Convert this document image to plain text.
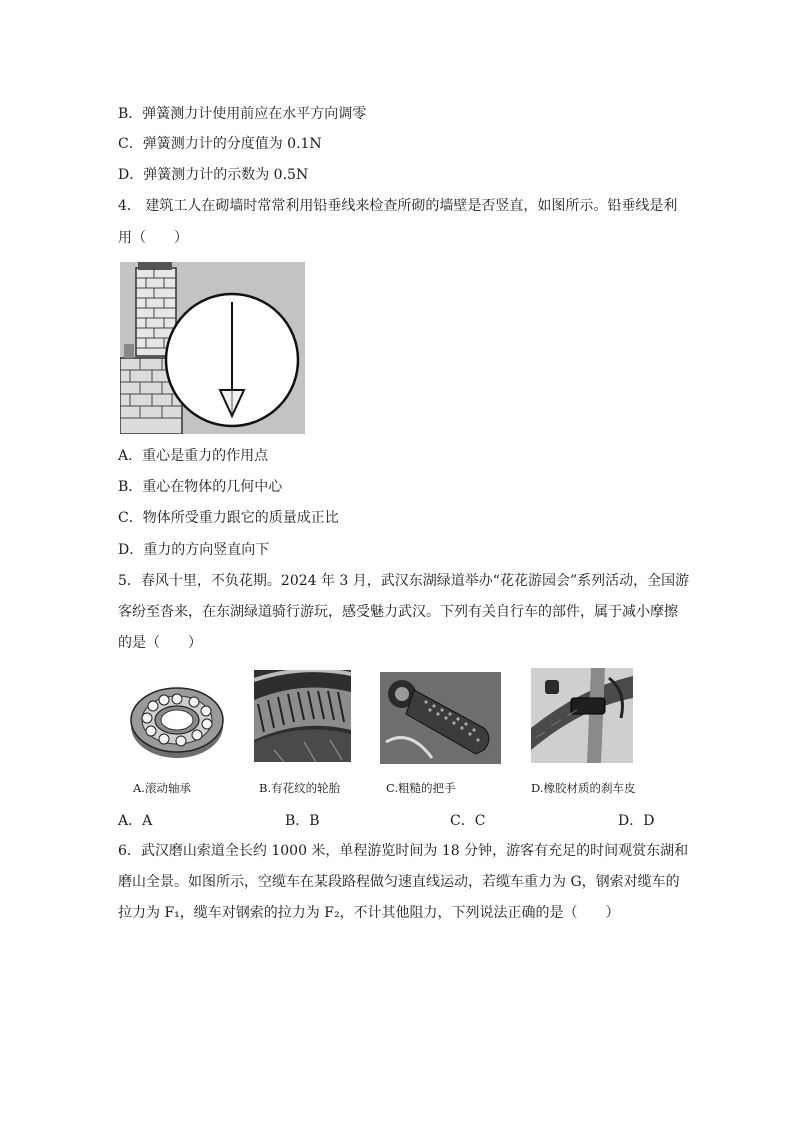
B．弹簧测力计使用前应在水平方向调零
C．弹簧测力计的分度值为 0.1N
D．弹簧测力计的示数为 0.5N
4． 建筑工人在砌墙时常常利用铅垂线来检查所砌的墙壁是否竖直，如图所示。铅垂线是利
用（　　）
A．重心是重力的作用点
B．重心在物体的几何中心
C．物体所受重力跟它的质量成正比
D．重力的方向竖直向下
5．春风十里，不负花期。2024 年 3 月，武汉东湖绿道举办“花花游园会”系列活动，全国游
客纷至沓来，在东湖绿道骑行游玩，感受魅力武汉。下列有关自行车的部件，属于减小摩擦
的是（　　）
A.滚动轴承	B.有花纹的轮胎	C.粗糙的把手	D.橡胶材质的刹车皮
A．A	B．B	C．C	D．D
6．武汉磨山索道全长约 1000 米，单程游览时间为 18 分钟，游客有充足的时间观赏东湖和
磨山全景。如图所示，空缆车在某段路程做匀速直线运动，若缆车重力为 G，钢索对缆车的
拉力为 F₁，缆车对钢索的拉力为 F₂，不计其他阻力，下列说法正确的是（　　）
